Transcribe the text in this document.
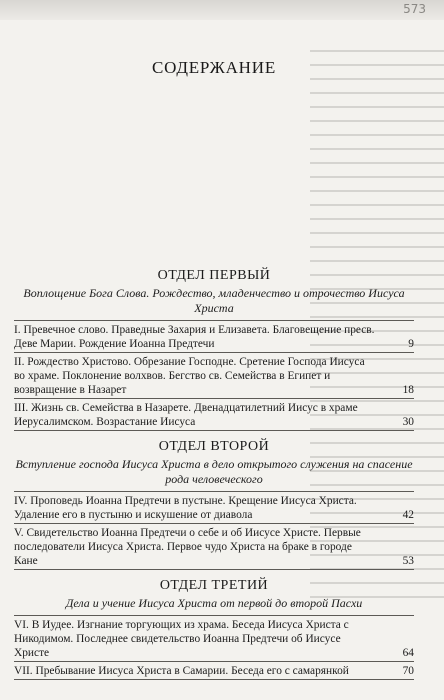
573
СОДЕРЖАНИЕ

ОТДЕЛ ПЕРВЫЙ

Воплощение Бога Слова. Рождество, младенчество и отрочество Иисуса Христа

I. Превечное слово. Праведные Захария и Елизавета. Благовещение пресв. Деве Марии. Рождение Иоанна Предтечи	9
II. Рождество Христово. Обрезание Господне. Сретение Господа Иисуса во храме. Поклонение волхвов. Бегство св. Семейства в Египет и возвращение в Назарет	18
III. Жизнь св. Семейства в Назарете. Двенадцатилетний Иисус в храме Иерусалимском. Возрастание Иисуса	30

ОТДЕЛ ВТОРОЙ

Вступление господа Иисуса Христа в дело открытого служения на спасение рода человеческого

IV. Проповедь Иоанна Предтечи в пустыне. Крещение Иисуса Христа. Удаление его в пустыню и искушение от диавола	42
V. Свидетельство Иоанна Предтечи о себе и об Иисусе Христе. Первые последователи Иисуса Христа. Первое чудо Христа на браке в городе Кане	53

ОТДЕЛ ТРЕТИЙ

Дела и учение Иисуса Христа от первой до второй Пасхи

VI. В Иудее. Изгнание торгующих из храма. Беседа Иисуса Христа с Никодимом. Последнее свидетельство Иоанна Предтечи об Иисусе Христе	64
VII. Пребывание Иисуса Христа в Самарии. Беседа его с самарянкой	70
